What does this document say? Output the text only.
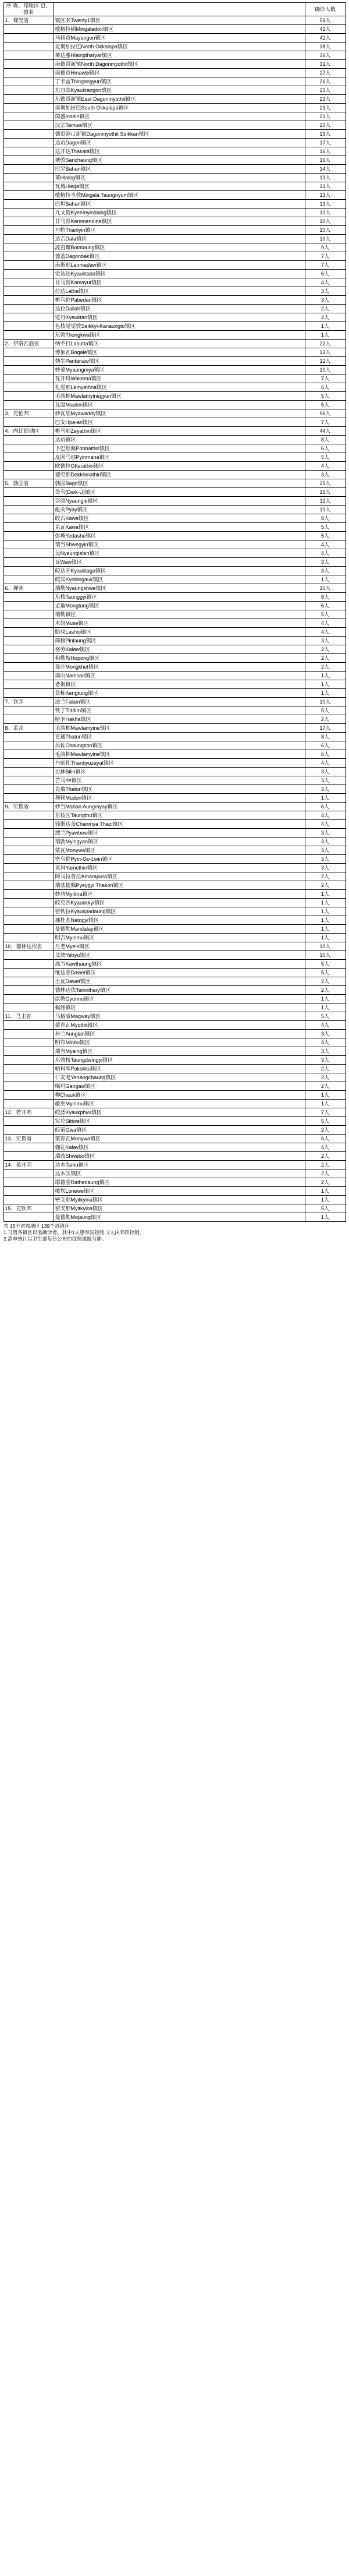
序 省、邦地区 县、镇名		确诊人数
1、仰光省	镇区名Twenty1镇区	59人
	敏格拉顿Mingaladon镇区	42人
	马扬贡Mayangon镇区	42人
	北奥加拉巴North Okkalapa镇区	38人
	莱达雅Hlaingtharyar镇区	36人
	南德贡新镇North Dagonmyothit镇区	31人
	南德贡Hmawbi镇区	27人
	丁卡雷Thingangyun镇区	26人
	东丹茵Kyauktangon镇区	25人
	东德贡新镇East Dagonmyothit镇区	23人
	南奥加拉巴South Okkalapa镇区	23人
	茵盛Insein镇区	21人
	汉宗Tamwe镇区	20人
	德贡港口新镇Dagonmyothit Seikkan镇区	19人
	达贡Dagon镇区	17人
	达开达Thakata镇区	16人
	塘敦Sanchaung镇区	16人
	巴罕Bahan镇区	14人
	莱Hlaing镇区	13人
	瓦城Hlega镇区	13人
	敏格拉当敦Mingala Taungnyunt镇区	13人
	巴坦Bahan镇区	13人
	九文街Kyeemyindaing镇区	12人
	甘马育Kemmendine镇区	10人
	丹帕Thanlyin镇区	10人
	达吉Dala镇区	10人
	波直嘟Botataung镇区	9人
	德盖Dagonbak镇区	7人
	南斯那Lanmadaw镇区	7人
	觉达达Kyauktada镇区	6人
	甘马育Kamayut镇区	4人
	拉达Latha镇区	3人
	彬乌伦Pabedan镇区	3人
	达拉Dallah镇区	2人
	觉丹Kyauktan镇区	2人
	色枝觉觉敦Seikkyi-Kanaungto镇区	1人
	东敦Thongkwa镇区	1人
2、伊洛瓦底省	纳不打Labutta镇区	22人
	博加瓦Bogale镇区	13人
	勃生Pantanaw镇区	12人
	妙蒙Myaungmya镇区	10人
	瓦开玛Wakema镇区	7人
	礼觉那Lemyethna镇区	6人
	毛淡棉Mawlamyinegyun镇区	5人
	瓦温Maubin镇区	5人
3、克伦邦	妙瓦底Myawaddy镇区	96人
	巴安Hpa-an镇区	7人
4、内比都地区	彬马那Zeyathiri镇区	44人
	达贡镇区	8人
	卜巴坦佩Pobbathiri镇区	6人
	皮因马那Pyinmana镇区	5人
	欧德拉Ottarathiri镇区	4人
	德克那Dekkhinathiri镇区	3人
5、勃固省	勃固Bago镇区	25人
	岱乌(Daik-U)镇区	15人
	奈康Nyaungle镇区	12人
	彪关Pyay镇区	10人
	皎古Kawa镇区	8人
	克瓦Kawa镇区	5人
	彭坡Yedashe镇区	5人
	瑞当Shwegyin镇区	4人
	吴Nyaunglebin镇区	4人
	瓦Waw镇区	3人
	皎达开Kyauktaga镇区	3人
	皎宾Kyobingauk镇区	1人
6、掸邦	瑞勒Nyaungshwe镇区	10人
	东枝Taunggyi镇区	8人
	孟瑙Mongtung镇区	6人
	瑞勒镇区	5人
	木姐Muse镇区	4人
	腊戍Lashio镇区	4人
	茵榜Pinlaung镇区	3人
	格劳Kalaw镇区	2人
	和勒坡Hopong镇区	2人
	曼庄Mongkhet镇区	2人
	南山Namsan镇区	1人
	老街镇区	1人
	景栋Kengtung镇区	1人
7、钦邦	法兰Falam镇区	10人
	铁丁Tiddim镇区	5人
	哈卡Hakha镇区	2人
8、孟邦	毛淡棉Mawlamyine镇区	17人
	直通Thaton镇区	8人
	昌佐Chaungzon镇区	6人
	毛淡棉Mawlamyine镇区	6人
	丹彪扎Thanbyuzayat镇区	4人
	比林Bilin镇区	3人
	芒马Ye镇区	3人
	直瑞Thaton镇区	3人
	穆顿Mudon镇区	1人
9、实皆省	妙当Mahan Aungmyay镇区	6人
	东枝区Taungthu镇区	4人
	钱斯达盖Chanmya Thazi镇区	4人
	漂兰Pyawbwe镇区	3人
	瑞勃Myingyan镇区	3人
	蒙瓦Monywa镇区	3人
	密乌伦Pyin-Oo-Lwin镇区	3人
	亚玛Yamethin镇区	3人
	阿马拉普拉Amarapura镇区	2人
	瑞基德佩Pyeygyi Thakon镇区	2人
	妙唐Myittha镇区	1人
	皎克西Kyaukkkyi镇区	1人
	密铁拉Kyaukpadaung镇区	1人
	那杜基Natogyi镇区	1人
	曼德勒Mandalay镇区	1人
	明吉Myinmu镇区	1人
10、德林达依省	丹老Myeik镇区	10人
	艾澳Yebyu镇区	10人
	高当Kawthaung镇区	5人
	维达亚Dawei镇区	5人
	土瓦Dawei镇区	2人
	德林达依Taninthary镇区	2人
	康教Gyunnu镇区	1人
	佩雅镇区	1人
11、马圭省	马格威Magway镇区	5人
	蒙育瓦Myothit镇区	4人
	昂兰Aunglan镇区	3人
	明布Minbu镇区	3人
	瑞当Myaing镇区	3人
	东敦枝Taungdwingyi镇区	3人
	帕科库Pakokku镇区	2人
	仁安羌Yenangchaung镇区	2人
	噶玛Gangaw镇区	2人
	柳Chauk镇区	1人
	敏巫Myinmu镇区	1人
12、若开邦	皎漂Kyaukphyu镇区	7人
	实兑Sittwe镇区	5人
	皎道Gwa镇区	2人
13、实皆省	蒙育瓦Monywa镇区	6人
	伽礼Kalay镇区	4人
	瑞波Shwebo镇区	2人
14、葛开邦	达木Tamu镇区	2人
	达木区镇区	2人
	耶德堂Rathedaung镇区	2人
	敏坎Lonewe镇区	1人
	密支那Myitkyina镇区	1人
15、克钦邦	密支那Myitkyina镇区	5人
	曼德勒Mojaung镇区	1人
共 15个省邦地区 139个县镇区
1.马勇各镇区以名确诊者。其中1人患拳国控制, 2人由邻印控制。
2.清单统计以卫生部每日公布的疫情通报为准。
